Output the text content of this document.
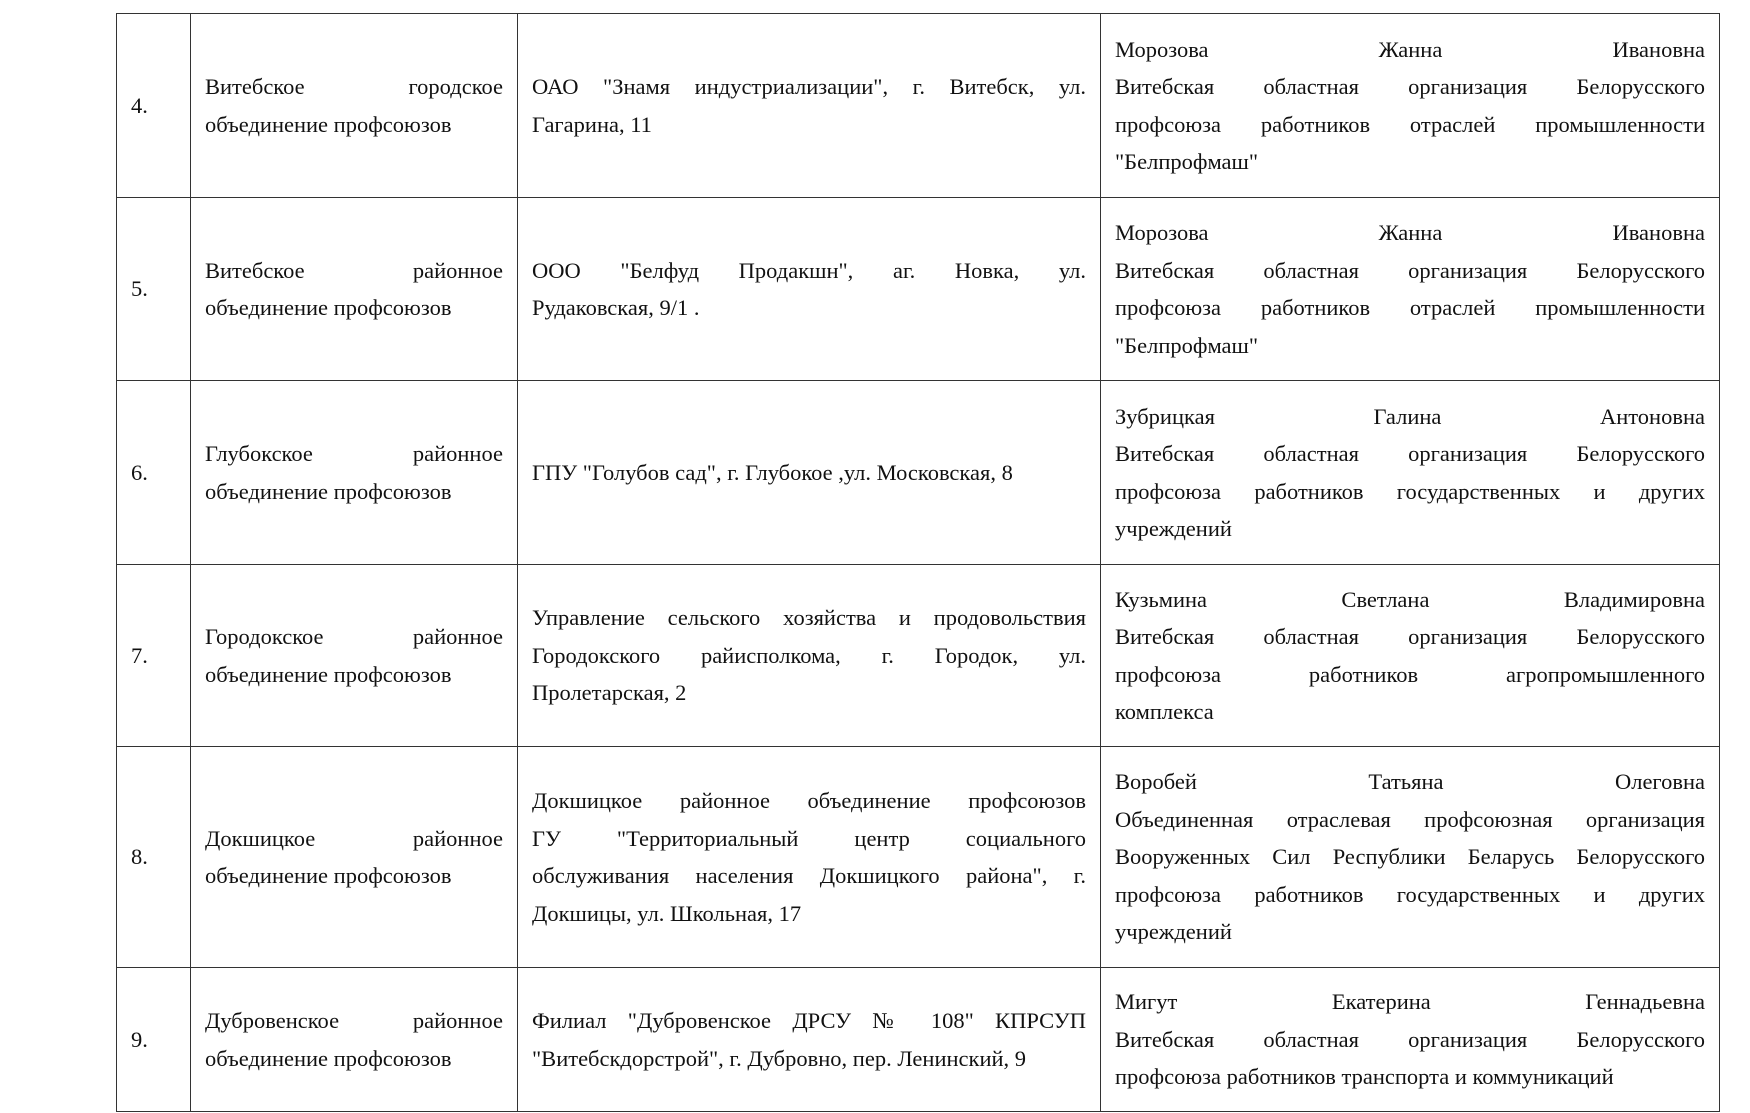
4.	Витебское городское
объединение профсоюзов	ОАО "Знамя индустриализации", г. Витебск, ул.
Гагарина, 11	Морозова Жанна Ивановна
Витебская областная организация Белорусского
профсоюза работников отраслей промышленности
"Белпрофмаш"

5.	Витебское районное
объединение профсоюзов	ООО "Белфуд Продакшн", аг. Новка, ул.
Рудаковская, 9/1 .	Морозова Жанна Ивановна
Витебская областная организация Белорусского
профсоюза работников отраслей промышленности
"Белпрофмаш"

6.	Глубокское районное
объединение профсоюзов	ГПУ "Голубов сад", г. Глубокое ,ул. Московская, 8	Зубрицкая Галина Антоновна
Витебская областная организация Белорусского
профсоюза работников государственных и других
учреждений

7.	Городокское районное
объединение профсоюзов	Управление сельского хозяйства и продовольствия
Городокского райисполкома, г. Городок, ул.
Пролетарская, 2	Кузьмина Светлана Владимировна
Витебская областная организация Белорусского
профсоюза работников агропромышленного
комплекса

8.	Докшицкое районное
объединение профсоюзов	Докшицкое районное объединение профсоюзов
ГУ "Территориальный центр социального
обслуживания населения Докшицкого района", г.
Докшицы, ул. Школьная, 17	Воробей Татьяна Олеговна
Объединенная отраслевая профсоюзная организация
Вооруженных Сил Республики Беларусь Белорусского
профсоюза работников государственных и других
учреждений

9.	Дубровенское районное
объединение профсоюзов	Филиал "Дубровенское ДРСУ № 108" КПРСУП
"Витебскдорстрой", г. Дубровно, пер. Ленинский, 9	Мигут Екатерина Геннадьевна
Витебская областная организация Белорусского
профсоюза работников транспорта и коммуникаций
